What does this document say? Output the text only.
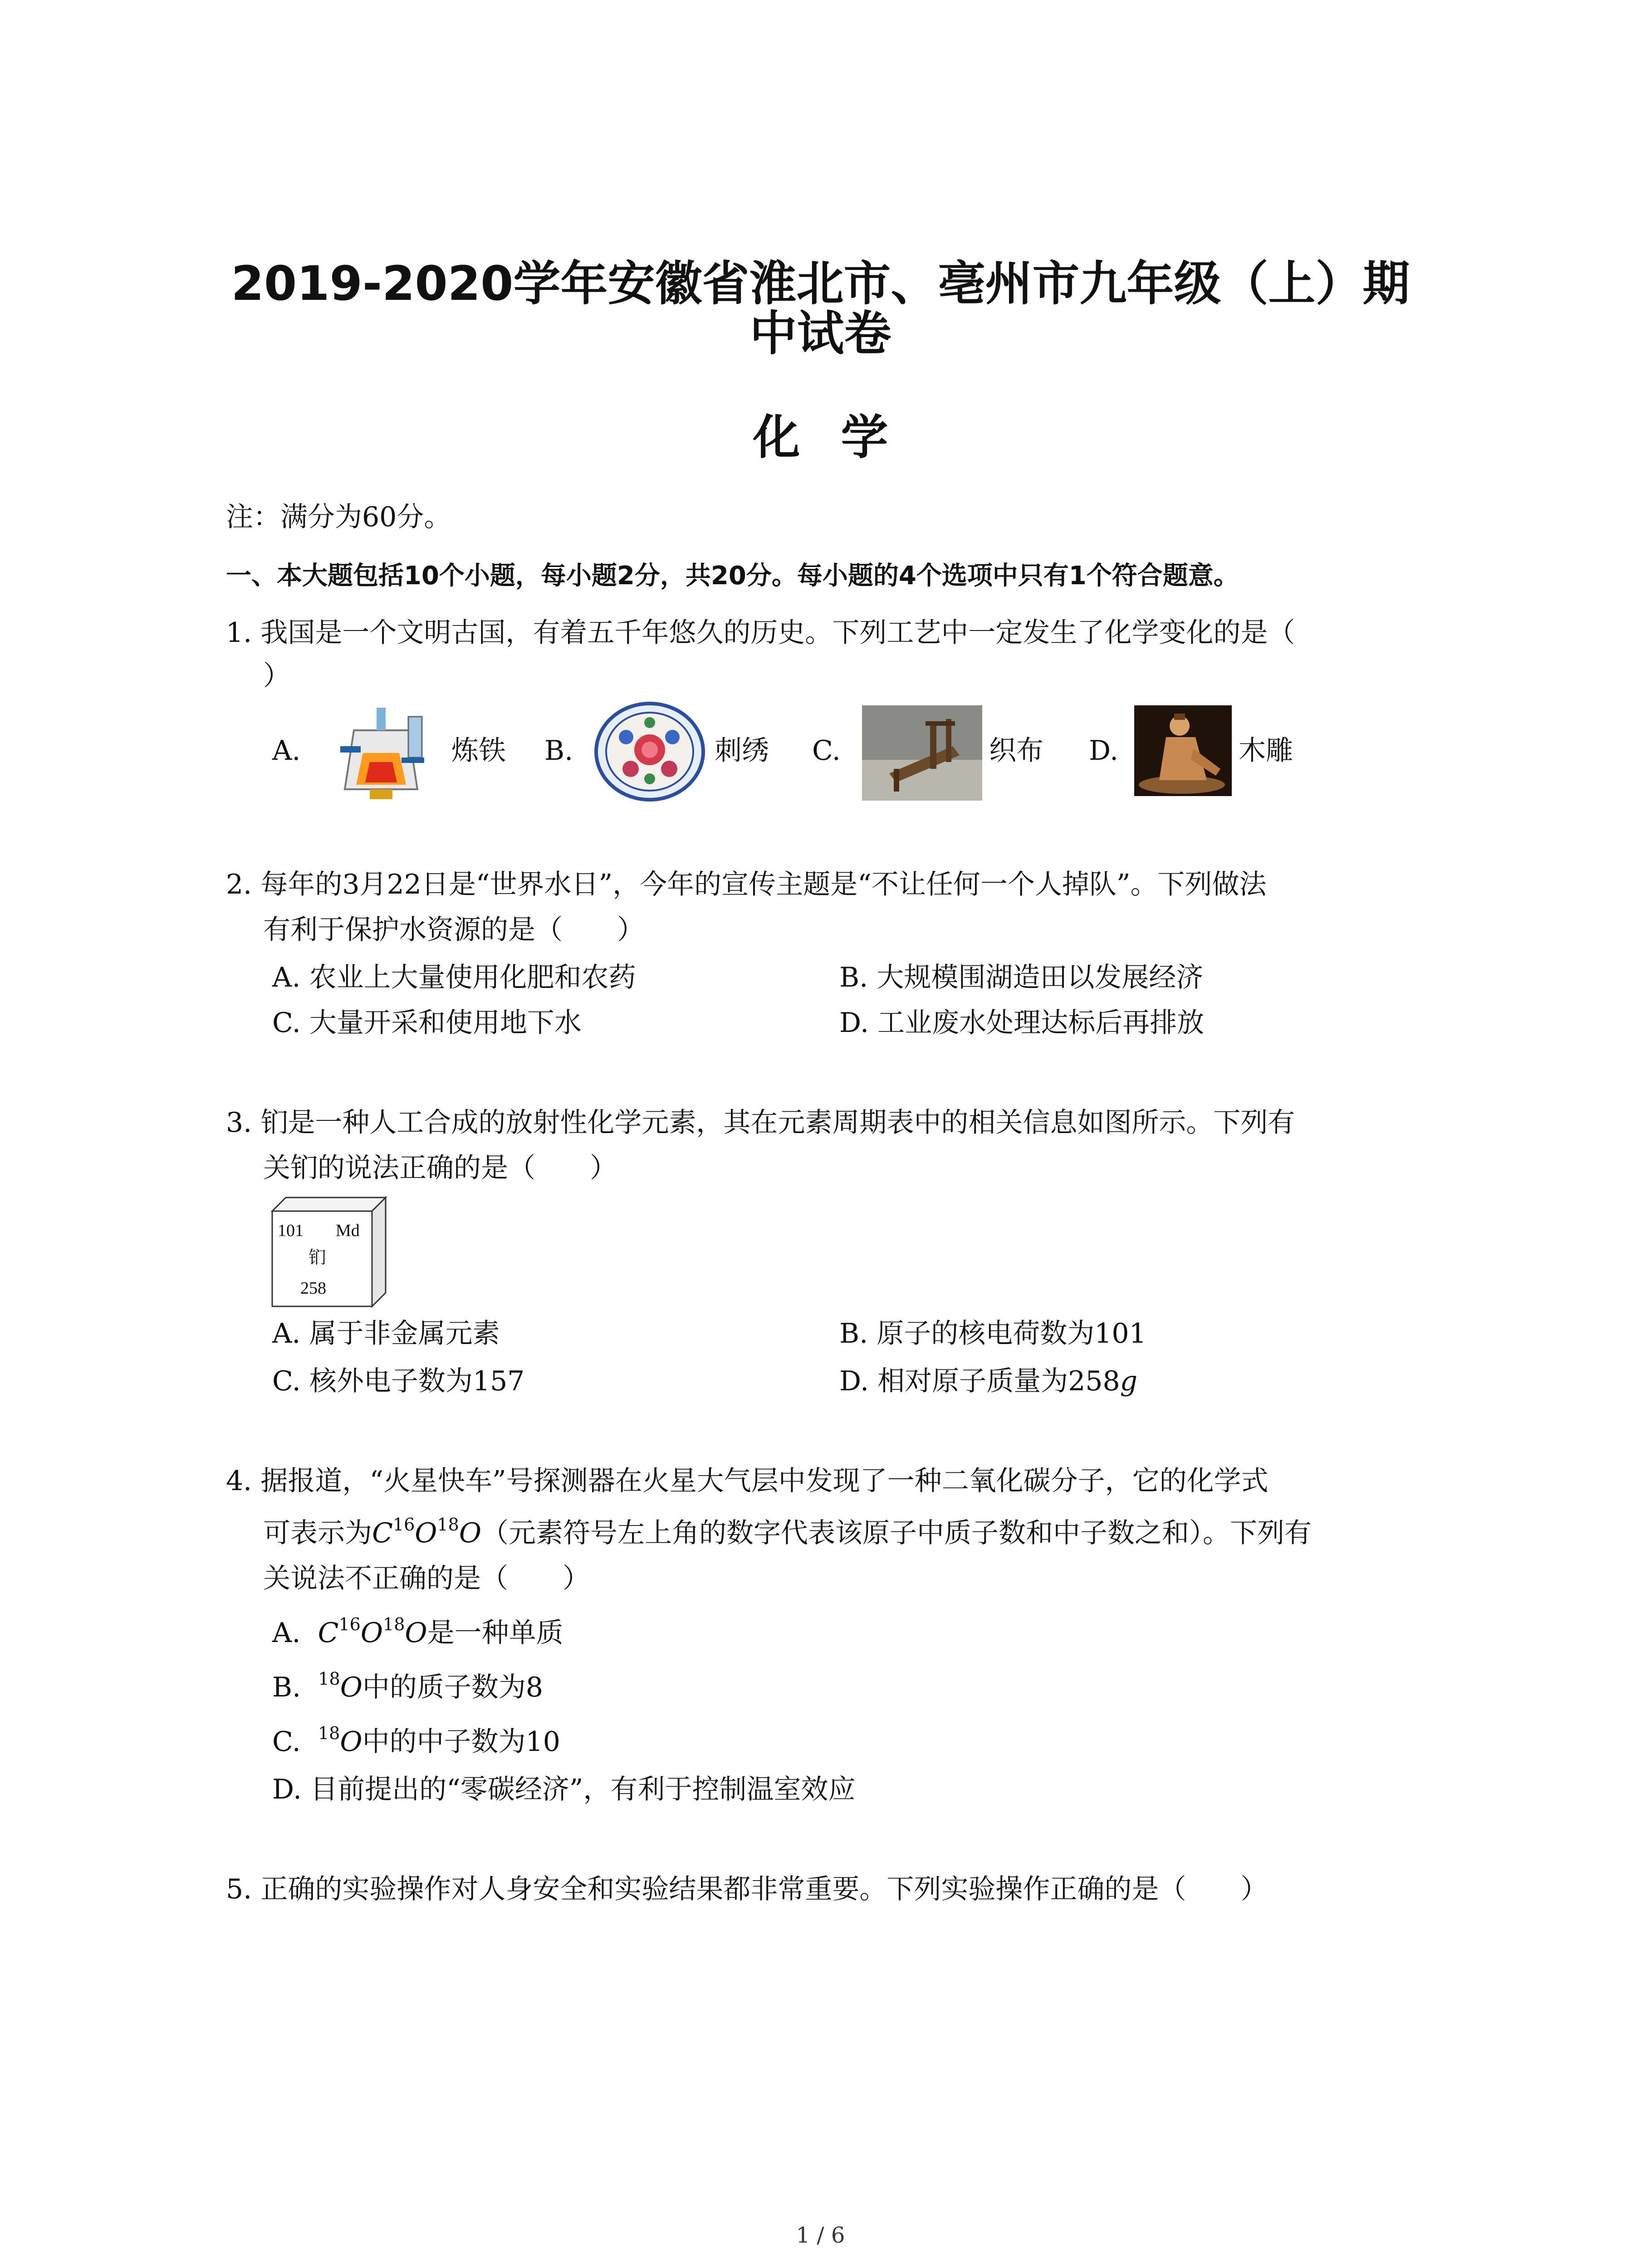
2019-2020学年安徽省淮北市、亳州市九年级（上）期
中试卷
化学
注：满分为60分。
一、本大题包括10个小题，每小题2分，共20分。每小题的4个选项中只有1个符合题意。
1. 我国是一个文明古国，有着五千年悠久的历史。下列工艺中一定发生了化学变化的是（
）
A.	炼铁 B.	刺绣 C.	织布 D.	木雕
2. 每年的3月22日是“世界水日”，今年的宣传主题是“不让任何一个人掉队”。下列做法
有利于保护水资源的是（　　）
A. 农业上大量使用化肥和农药	B. 大规模围湖造田以发展经济
C. 大量开采和使用地下水	D. 工业废水处理达标后再排放
3. 钔是一种人工合成的放射性化学元素，其在元素周期表中的相关信息如图所示。下列有
关钔的说法正确的是（　　）
101 Md
钔
258
A. 属于非金属元素	B. 原子的核电荷数为101
C. 核外电子数为157	D. 相对原子质量为258g
4. 据报道，“火星快车”号探测器在火星大气层中发现了一种二氧化碳分子，它的化学式
可表示为$C^{16}O^{18}O$（元素符号左上角的数字代表该原子中质子数和中子数之和）。下列有
关说法不正确的是（　　）
A. $C^{16}O^{18}O$是一种单质
B. $^{18}$O中的质子数为8
C. $^{18}$O中的中子数为10
D. 目前提出的“零碳经济”，有利于控制温室效应
5. 正确的实验操作对人身安全和实验结果都非常重要。下列实验操作正确的是（　　）
1 / 6
